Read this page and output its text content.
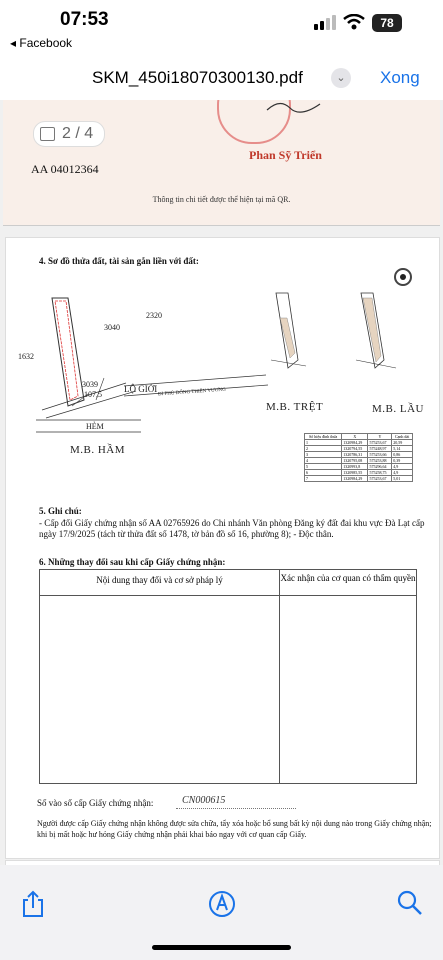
07:53
◂ Facebook
78
SKM_450i18070300130.pdf	⌄	Xong
Phan Sỹ Triển
2 / 4
AA 04012364
Thông tin chi tiết được thể hiện tại mã QR.
4. Sơ đồ thửa đất, tài sản gắn liền với đất:
3039
107,5
3040
2320
1632
LỘ GIỚI ĐI PHÙ ĐỔNG THIÊN VƯƠNG
HẺM
M.B. HẦM
M.B. TRỆT	M.B. LẦU
Số hiệu đỉnh thửa	X	Y	Cạnh dài
1	1320984,29	575253,67	20,59
2	1320794,55	575248,97	5,14
3	1320786,31	575253,66	0,86
4	1320795,08	575253,88	0,39
5	1320993,8	575296,64	4,9
6	1320985,55	575258,75	4,9
7	1320984,29	575253,67	5,01
5. Ghi chú:
- Cấp đổi Giấy chứng nhận số AA 02765926 do Chi nhánh Văn phòng Đăng ký đất đai khu vực Đà Lạt cấp ngày 17/9/2025 (tách từ thửa đất số 1478, tờ bản đồ số 16, phường 8); - Độc thân.
6. Những thay đổi sau khi cấp Giấy chứng nhận:
Nội dung thay đổi và cơ sở pháp lý	Xác nhận của cơ quan có thẩm quyền
Số vào sổ cấp Giấy chứng nhận:	CN000615
Người được cấp Giấy chứng nhận không được sửa chữa, tẩy xóa hoặc bổ sung bất kỳ nội dung nào trong Giấy chứng nhận; khi bị mất hoặc hư hỏng Giấy chứng nhận phải khai báo ngay với cơ quan cấp Giấy.
